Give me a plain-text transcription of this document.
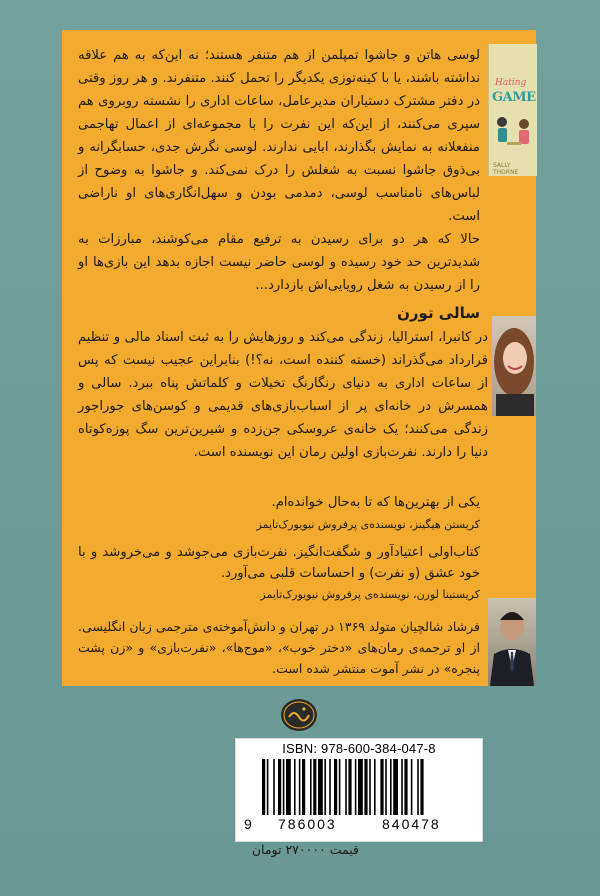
لوسی هاتن و جاشوا تمپلمن از هم متنفر هستند؛ نه این‌که به هم علاقه نداشته باشند، یا با کینه‌توزی یکدیگر را تحمل کنند. متنفرند. و هر روز وقتی در دفتر مشترک دستیاران مدیرعامل، ساعات اداری را نشسته روبروی هم سپری می‌کنند، از این‌که این نفرت را با مجموعه‌ای از اعمال تهاجمی منفعلانه به نمایش بگذارند، ابایی ندارند. لوسی نگرش جدی، حسابگرانه و بی‌ذوق جاشوا نسبت به شغلش را درک نمی‌کند. و جاشوا به وضوح از لباس‌های نامناسب لوسی، دمدمی بودن و سهل‌انگاری‌های او ناراضی است.

حالا که هر دو برای رسیدن به ترفیع مقام می‌کوشند، مبارزات به شدیدترین حد خود رسیده و لوسی حاضر نیست اجازه بدهد این بازی‌ها او را از رسیدن به شغل رویایی‌اش بازدارد...

Hating
GAME
SALLY THORNE
سالی تورن
در کانبرا، استرالیا، زندگی می‌کند و روزهایش را به ثبت اسناد مالی و تنظیم قرارداد می‌گذراند (خسته کننده است، نه؟!) بنابراین عجیب نیست که پس از ساعات اداری به دنیای رنگارنگ تخیلات و کلماتش پناه ببرد. سالی و همسرش در خانه‌ای پر از اسباب‌بازی‌های قدیمی و کوسن‌های جوراجور زندگی می‌کنند؛ یک خانه‌ی عروسکی جن‌زده و شیرین‌ترین سگ پوزه‌کوتاه دنیا را دارند. نفرت‌بازی اولین رمان این نویسنده است.
یکی از بهترین‌ها که تا به‌حال خوانده‌ام.
کریستن هیگینز، نویسنده‌ی پرفروش نیویورک‌تایمز
کتاب‌اولی اعتیادآور و شگفت‌انگیز. نفرت‌بازی می‌جوشد و می‌خروشد و با خود عشق (و نفرت) و احساسات قلبی می‌آورد.
کریستینا لورن، نویسنده‌ی پرفروش نیویورک‌تایمز
فرشاد شالچیان متولد ۱۳۶۹ در تهران و دانش‌آموخته‌ی مترجمی زبان انگلیسی. از او ترجمه‌ی رمان‌های «دختر خوب»، «موج‌ها»، «نفرت‌بازی» و «زن پشت پنجره» در نشر آموت منتشر شده است.
ISBN: 978-600-384-047-8
9 786003	840478
قیمت ۲۷۰۰۰۰ تومان
